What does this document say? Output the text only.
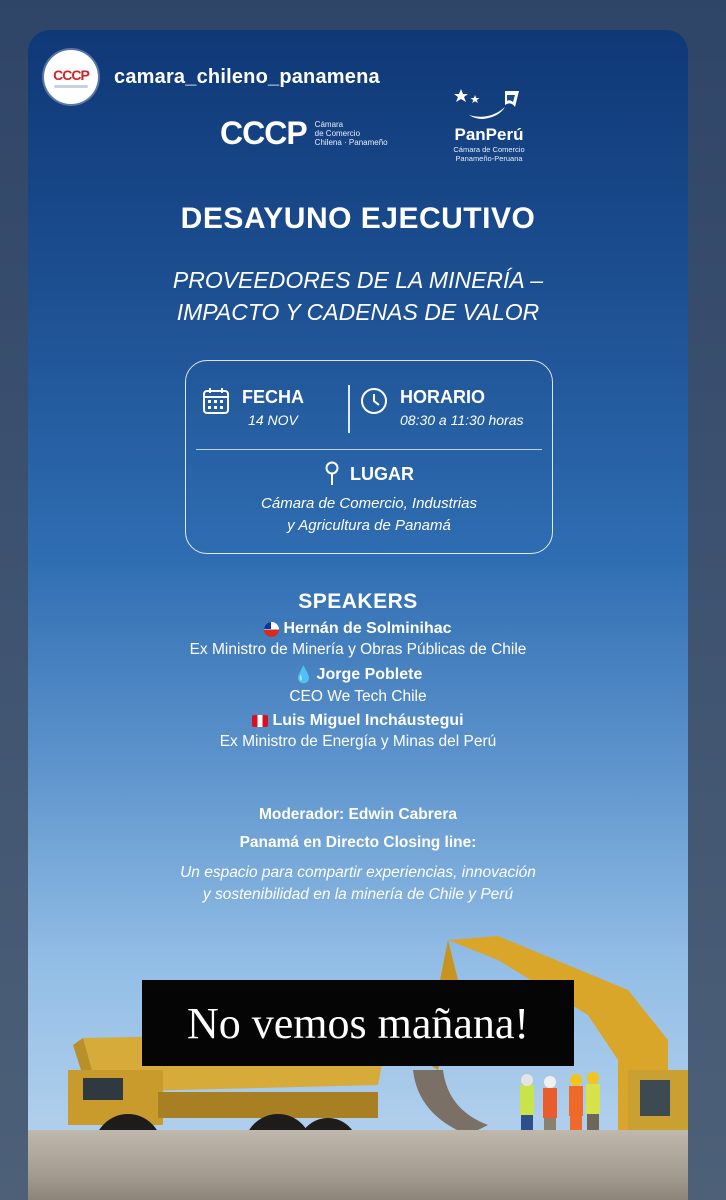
CCCP camara_chileno_panamena
CCCP Cámara
de Comercio
Chilena · Panameño	PanPerú
Cámara de Comercio
Panameño-Peruana
DESAYUNO EJECUTIVO
PROVEEDORES DE LA MINERÍA –
IMPACTO Y CADENAS DE VALOR
FECHA
14 NOV
HORARIO
08:30 a 11:30 horas
LUGAR
Cámara de Comercio, Industrias
y Agricultura de Panamá
SPEAKERS
Hernán de Solminihac
Ex Ministro de Minería y Obras Públicas de Chile
💧 Jorge Poblete
CEO We Tech Chile
Luis Miguel Incháustegui
Ex Ministro de Energía y Minas del Perú
Moderador: Edwin Cabrera
Panamá en Directo Closing line:
Un espacio para compartir experiencias, innovación
y sostenibilidad en la minería de Chile y Perú
No vemos mañana!
